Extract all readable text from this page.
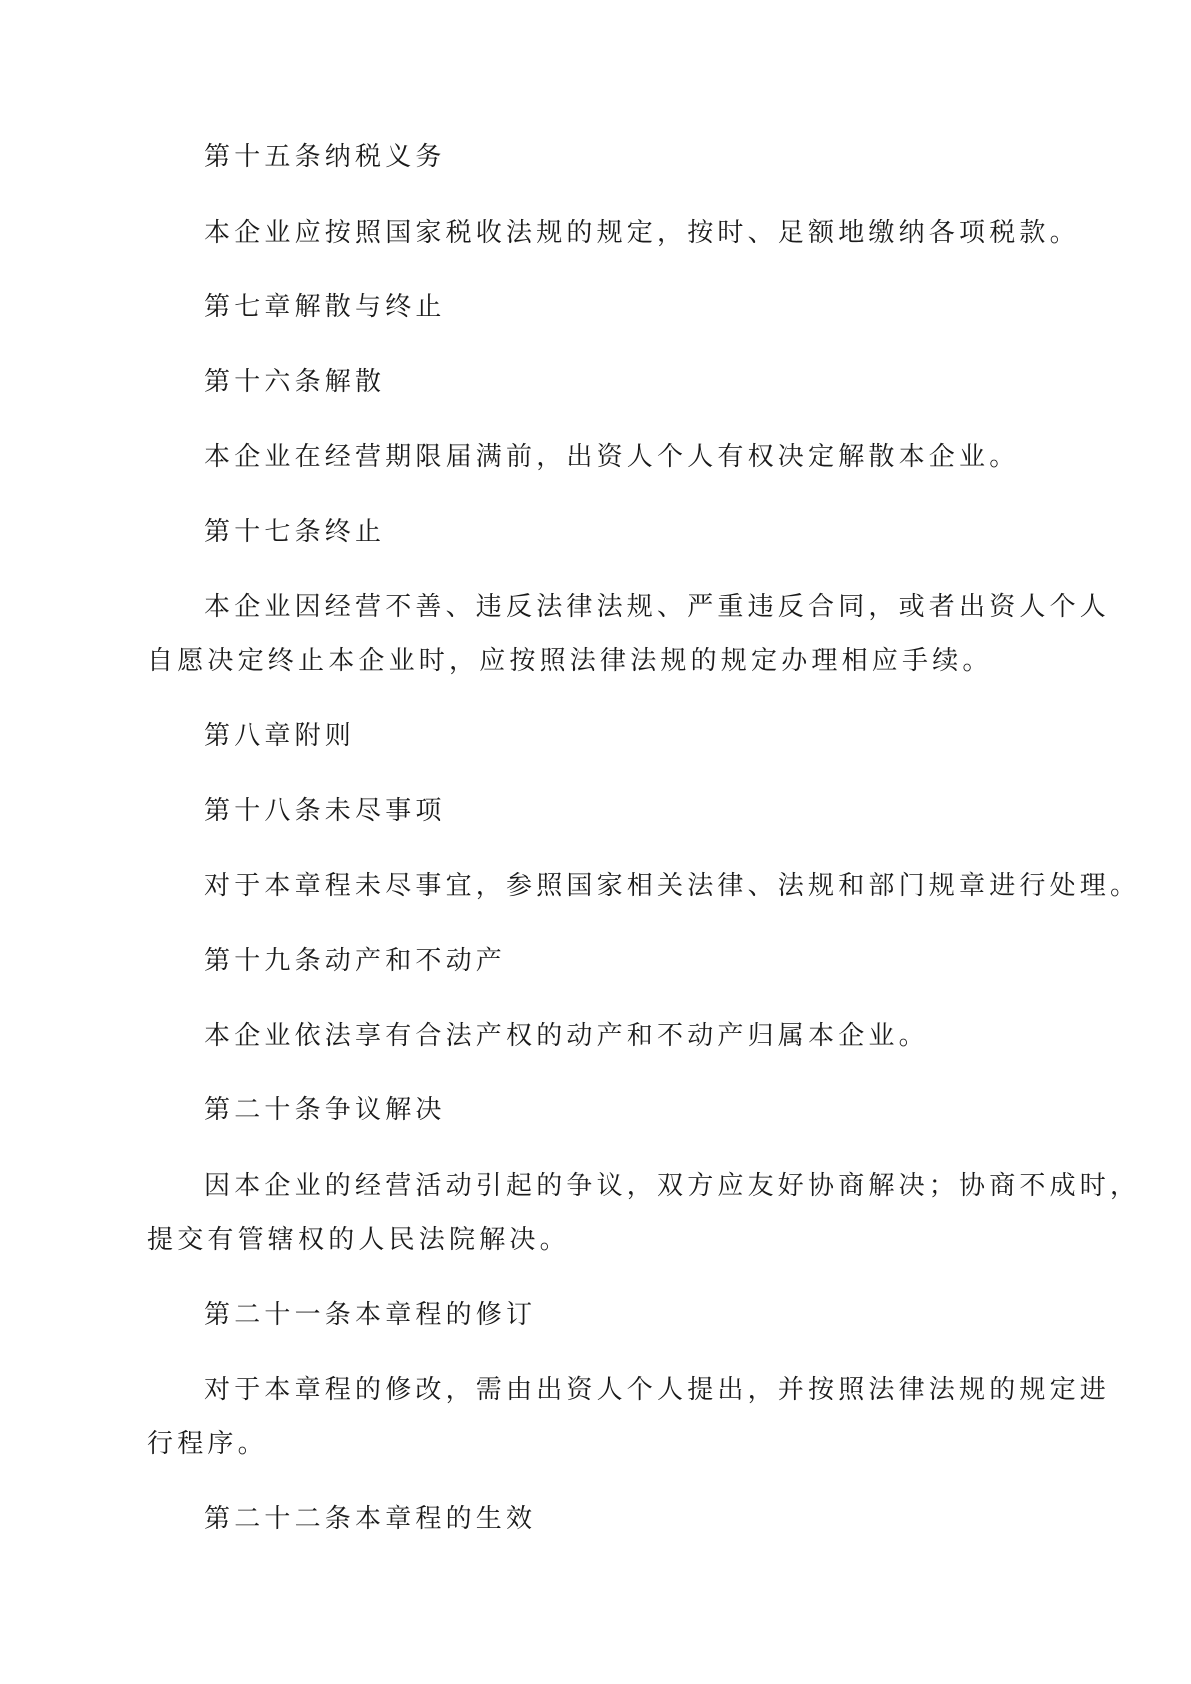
第十五条纳税义务
本企业应按照国家税收法规的规定，按时、足额地缴纳各项税款。
第七章解散与终止
第十六条解散
本企业在经营期限届满前，出资人个人有权决定解散本企业。
第十七条终止
本企业因经营不善、违反法律法规、严重违反合同，或者出资人个人
自愿决定终止本企业时，应按照法律法规的规定办理相应手续。
第八章附则
第十八条未尽事项
对于本章程未尽事宜，参照国家相关法律、法规和部门规章进行处理。
第十九条动产和不动产
本企业依法享有合法产权的动产和不动产归属本企业。
第二十条争议解决
因本企业的经营活动引起的争议，双方应友好协商解决；协商不成时，
提交有管辖权的人民法院解决。
第二十一条本章程的修订
对于本章程的修改，需由出资人个人提出，并按照法律法规的规定进
行程序。
第二十二条本章程的生效
